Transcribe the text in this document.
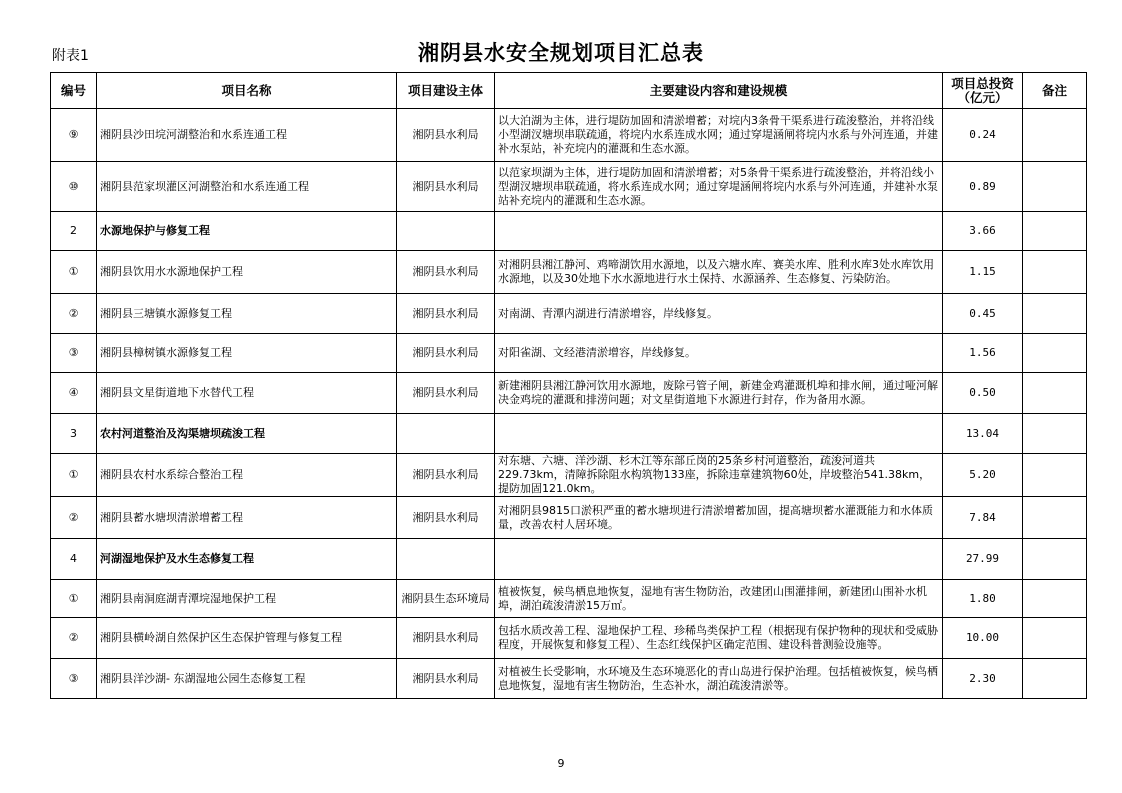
附表1	湘阴县水安全规划项目汇总表
编号	项目名称	项目建设主体	主要建设内容和建设规模	项目总投资（亿元）	备注
⑨	湘阴县沙田垸河湖整治和水系连通工程	湘阴县水利局	以大泊湖为主体，进行堤防加固和清淤增蓄；对垸内3条骨干渠系进行疏浚整治，并将沿线小型湖汊塘坝串联疏通，将垸内水系连成水网；通过穿堤涵闸将垸内水系与外河连通，并建补水泵站，补充垸内的灌溉和生态水源。	0.24	
⑩	湘阴县范家坝灌区河湖整治和水系连通工程	湘阴县水利局	以范家坝湖为主体，进行堤防加固和清淤增蓄；对5条骨干渠系进行疏浚整治，并将沿线小型湖汊塘坝串联疏通，将水系连成水网；通过穿堤涵闸将垸内水系与外河连通，并建补水泵站补充垸内的灌溉和生态水源。	0.89	
2	水源地保护与修复工程			3.66	
①	湘阴县饮用水水源地保护工程	湘阴县水利局	对湘阴县湘江静河、鸡啼湖饮用水源地，以及六塘水库、赛美水库、胜利水库3处水库饮用水源地，以及30处地下水水源地进行水土保持、水源涵养、生态修复、污染防治。	1.15	
②	湘阴县三塘镇水源修复工程	湘阴县水利局	对南湖、青潭内湖进行清淤增容，岸线修复。	0.45	
③	湘阴县樟树镇水源修复工程	湘阴县水利局	对阳雀湖、文经港清淤增容，岸线修复。	1.56	
④	湘阴县文星街道地下水替代工程	湘阴县水利局	新建湘阴县湘江静河饮用水源地，废除弓管子闸，新建金鸡灌溉机埠和排水闸，通过哑河解决金鸡垸的灌溉和排涝问题；对文星街道地下水源进行封存，作为备用水源。	0.50	
3	农村河道整治及沟渠塘坝疏浚工程			13.04	
①	湘阴县农村水系综合整治工程	湘阴县水利局	对东塘、六塘、洋沙湖、杉木江等东部丘岗的25条乡村河道整治，疏浚河道共229.73km，清障拆除阻水构筑物133座，拆除违章建筑物60处，岸坡整治541.38km，提防加固121.0km。	5.20	
②	湘阴县蓄水塘坝清淤增蓄工程	湘阴县水利局	对湘阴县9815口淤积严重的蓄水塘坝进行清淤增蓄加固，提高塘坝蓄水灌溉能力和水体质量，改善农村人居环境。	7.84	
4	河湖湿地保护及水生态修复工程			27.99	
①	湘阴县南洞庭湖青潭垸湿地保护工程	湘阴县生态环境局	植被恢复，候鸟栖息地恢复，湿地有害生物防治，改建团山围灌排闸，新建团山围补水机埠，湖泊疏浚清淤15万㎡。	1.80	
②	湘阴县横岭湖自然保护区生态保护管理与修复工程	湘阴县水利局	包括水质改善工程、湿地保护工程、珍稀鸟类保护工程（根据现有保护物种的现状和受威胁程度，开展恢复和修复工程）、生态红线保护区确定范围、建设科普测验设施等。	10.00	
③	湘阴县洋沙湖- 东湖湿地公园生态修复工程	湘阴县水利局	对植被生长受影响，水环境及生态环境恶化的青山岛进行保护治理。包括植被恢复，候鸟栖息地恢复，湿地有害生物防治，生态补水，湖泊疏浚清淤等。	2.30	
9
